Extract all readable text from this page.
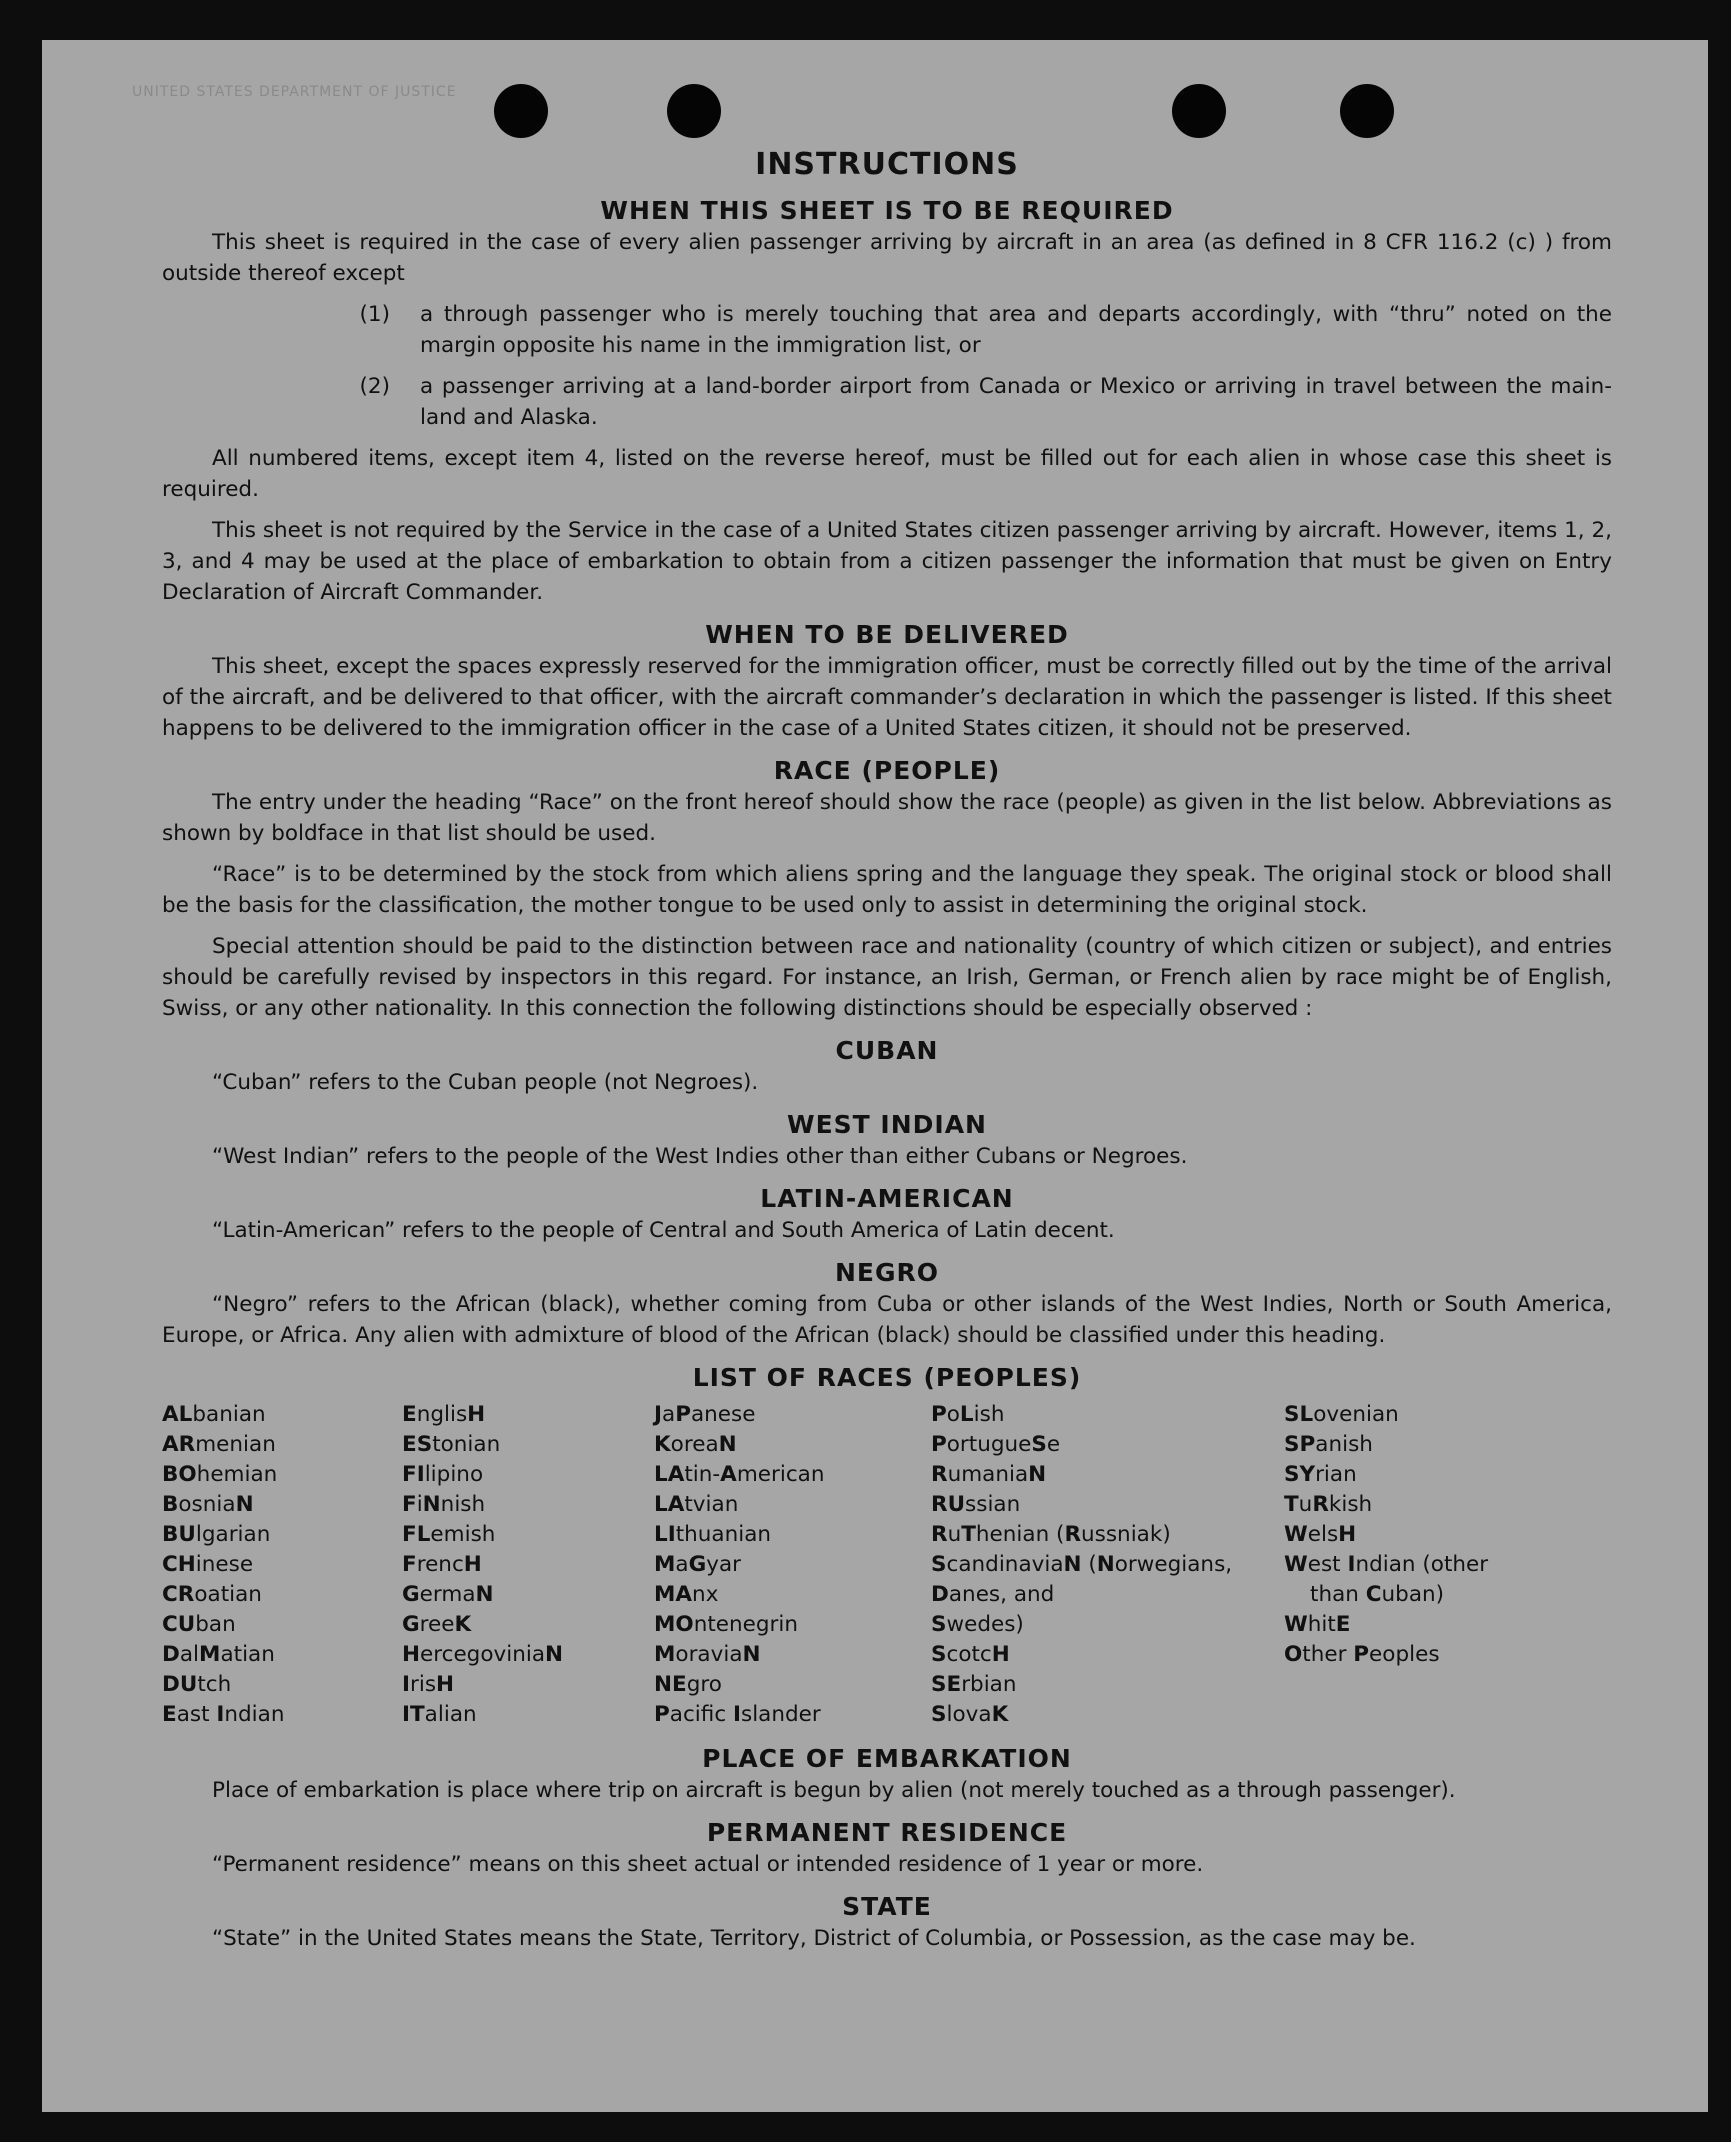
UNITED STATES DEPARTMENT OF JUSTICE
INSTRUCTIONS
WHEN THIS SHEET IS TO BE REQUIRED

This sheet is required in the case of every alien passenger arriving by aircraft in an area (as defined in 8 CFR 116.2 (c) ) from outside thereof except

(1)	a through passenger who is merely touching that area and departs accordingly, with “thru” noted on the margin opposite his name in the immigration list, or
(2)	a passenger arriving at a land-border airport from Canada or Mexico or arriving in travel between the main-land and Alaska.

All numbered items, except item 4, listed on the reverse hereof, must be filled out for each alien in whose case this sheet is required.

This sheet is not required by the Service in the case of a United States citizen passenger arriving by aircraft. However, items 1, 2, 3, and 4 may be used at the place of embarkation to obtain from a citizen passenger the information that must be given on Entry Declaration of Aircraft Commander.

WHEN TO BE DELIVERED

This sheet, except the spaces expressly reserved for the immigration officer, must be correctly filled out by the time of the arrival of the aircraft, and be delivered to that officer, with the aircraft commander’s declaration in which the passenger is listed. If this sheet happens to be delivered to the immigration officer in the case of a United States citizen, it should not be preserved.

RACE (PEOPLE)

The entry under the heading “Race” on the front hereof should show the race (people) as given in the list below. Abbreviations as shown by boldface in that list should be used.

“Race” is to be determined by the stock from which aliens spring and the language they speak. The original stock or blood shall be the basis for the classification, the mother tongue to be used only to assist in determining the original stock.

Special attention should be paid to the distinction between race and nationality (country of which citizen or subject), and entries should be carefully revised by inspectors in this regard. For instance, an Irish, German, or French alien by race might be of English, Swiss, or any other nationality. In this connection the following distinctions should be especially observed :

CUBAN

“Cuban” refers to the Cuban people (not Negroes).

WEST INDIAN

“West Indian” refers to the people of the West Indies other than either Cubans or Negroes.

LATIN-AMERICAN

“Latin-American” refers to the people of Central and South America of Latin decent.

NEGRO

“Negro” refers to the African (black), whether coming from Cuba or other islands of the West Indies, North or South America, Europe, or Africa. Any alien with admixture of blood of the African (black) should be classified under this heading.

LIST OF RACES (PEOPLES)
ALbanian
ARmenian
BOhemian
BosniaN
BUlgarian
CHinese
CRoatian
CUban
DalMatian
DUtch
East Indian
EnglisH
EStonian
FIlipino
FiNnish
FLemish
FrencH
GermaN
GreeK
HercegoviniaN
IrisH
ITalian
JaPanese
KoreaN
LAtin-American
LAtvian
LIthuanian
MaGyar
MAnx
MOntenegrin
MoraviaN
NEgro
Pacifc Islander
PoLish
PortugueSe
RumaniaN
RUssian
RuThenian (Russniak)
ScandinaviaN (Norwegians,
Danes, and
Swedes)
ScotcH
SErbian
SlovaK
SLovenian
SPanish
SYrian
TuRkish
WelsH
West Indian (other
than Cuban)
WhitE
Other Peoples
PLACE OF EMBARKATION

Place of embarkation is place where trip on aircraft is begun by alien (not merely touched as a through passenger).

PERMANENT RESIDENCE

“Permanent residence” means on this sheet actual or intended residence of 1 year or more.

STATE

“State” in the United States means the State, Territory, District of Columbia, or Possession, as the case may be.
